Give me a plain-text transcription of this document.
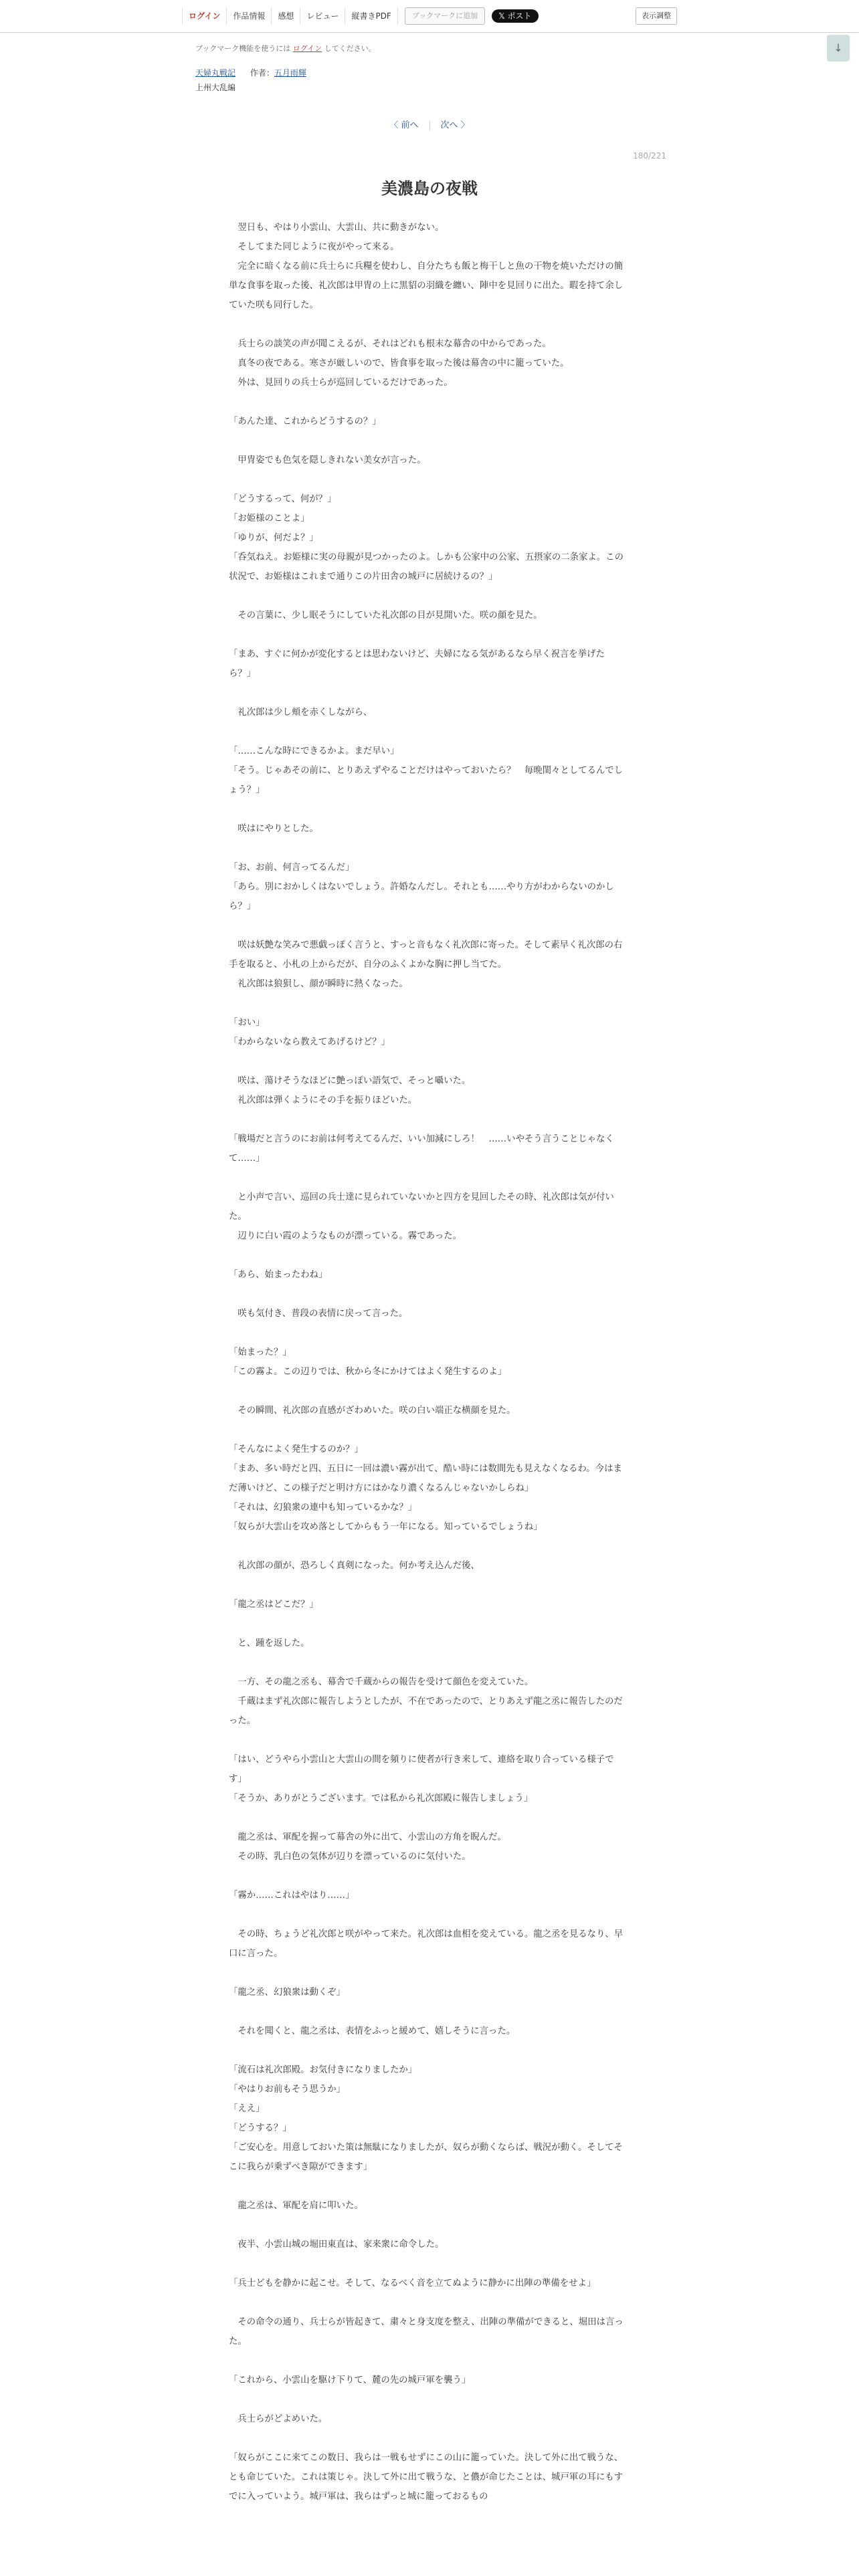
ログイン	作品情報	感想	レビュー	縦書きPDF	ブックマークに追加	𝕏 ポスト	表示調整
↓
ブックマーク機能を使うには ログイン してください。
天婦丸戦記 作者：五月雨輝
上州大乱編
〈 前へ	次へ 〉
180/221
美濃島の夜戦

　翌日も、やはり小雲山、大雲山、共に動きがない。

　そしてまた同じように夜がやって来る。

　完全に暗くなる前に兵士らに兵糧を使わし、自分たちも飯と梅干しと魚の干物を焼いただけの簡単な食事を取った後、礼次郎は甲冑の上に黒貂の羽織を纏い、陣中を見回りに出た。暇を持て余していた咲も同行した。

　兵士らの談笑の声が聞こえるが、それはどれも根末な幕舎の中からであった。

　真冬の夜である。寒さが厳しいので、皆食事を取った後は幕舎の中に籠っていた。

　外は、見回りの兵士らが巡回しているだけであった。

「あんた達、これからどうするの？」

　甲冑姿でも色気を隠しきれない美女が言った。

「どうするって、何が？」

「お姫様のことよ」

「ゆりが、何だよ？」

「呑気ねえ。お姫様に実の母親が見つかったのよ。しかも公家中の公家、五摂家の二条家よ。この状況で、お姫様はこれまで通りこの片田舎の城戸に居続けるの？」

　その言葉に、少し眠そうにしていた礼次郎の目が見開いた。咲の顔を見た。

「まあ、すぐに何かが変化するとは思わないけど、夫婦になる気があるなら早く祝言を挙げたら？」

　礼次郎は少し頬を赤くしながら、

「……こんな時にできるかよ。まだ早い」

「そう。じゃあその前に、とりあえずやることだけはやっておいたら？　毎晩閨々としてるんでしょう？」

　咲はにやりとした。

「お、お前、何言ってるんだ」

「あら。別におかしくはないでしょう。許婚なんだし。それとも……やり方がわからないのかしら？」

　咲は妖艶な笑みで悪戯っぽく言うと、すっと音もなく礼次郎に寄った。そして素早く礼次郎の右手を取ると、小札の上からだが、自分のふくよかな胸に押し当てた。

　礼次郎は狼狽し、顔が瞬時に熱くなった。

「おい」

「わからないなら教えてあげるけど？」

　咲は、蕩けそうなほどに艶っぽい語気で、そっと囁いた。

　礼次郎は弾くようにその手を振りほどいた。

「戦場だと言うのにお前は何考えてるんだ、いい加減にしろ！　……いやそう言うことじゃなくて……」

　と小声で言い、巡回の兵士達に見られていないかと四方を見回したその時、礼次郎は気が付いた。

　辺りに白い霞のようなものが漂っている。霧であった。

「あら、始まったわね」

　咲も気付き、普段の表情に戻って言った。

「始まった？」

「この霧よ。この辺りでは、秋から冬にかけてはよく発生するのよ」

　その瞬間、礼次郎の直感がざわめいた。咲の白い端正な横顔を見た。

「そんなによく発生するのか？」

「まあ、多い時だと四、五日に一回は濃い霧が出て、酷い時には数間先も見えなくなるわ。今はまだ薄いけど、この様子だと明け方にはかなり濃くなるんじゃないかしらね」

「それは、幻狼衆の連中も知っているかな？」

「奴らが大雲山を攻め落としてからもう一年になる。知っているでしょうね」

　礼次郎の顔が、恐ろしく真剣になった。何か考え込んだ後、

「龍之丞はどこだ？」

　と、踵を返した。

　一方、その龍之丞も、幕舎で千蔵からの報告を受けて顔色を変えていた。

　千蔵はまず礼次郎に報告しようとしたが、不在であったので、とりあえず龍之丞に報告したのだった。

「はい、どうやら小雲山と大雲山の間を頻りに使者が行き来して、連絡を取り合っている様子です」

「そうか、ありがとうございます。では私から礼次郎殿に報告しましょう」

　龍之丞は、軍配を握って幕舎の外に出て、小雲山の方角を睨んだ。

　その時、乳白色の気体が辺りを漂っているのに気付いた。

「霧か……これはやはり……」

　その時、ちょうど礼次郎と咲がやって来た。礼次郎は血相を変えている。龍之丞を見るなり、早口に言った。

「龍之丞、幻狼衆は動くぞ」

　それを聞くと、龍之丞は、表情をふっと緩めて、嬉しそうに言った。

「流石は礼次郎殿。お気付きになりましたか」

「やはりお前もそう思うか」

「ええ」

「どうする？」

「ご安心を。用意しておいた策は無駄になりましたが、奴らが動くならば、戦況が動く。そしてそこに我らが乗ずべき隙ができます」

　龍之丞は、軍配を肩に叩いた。

　夜半、小雲山城の堀田東直は、家来衆に命令した。

「兵士どもを静かに起こせ。そして、なるべく音を立てぬように静かに出陣の準備をせよ」

　その命令の通り、兵士らが皆起きて、粛々と身支度を整え、出陣の準備ができると、堀田は言った。

「これから、小雲山を駆け下りて、麓の先の城戸軍を襲う」

　兵士らがどよめいた。

「奴らがここに来てこの数日、我らは一戦もせずにこの山に籠っていた。決して外に出て戦うな、とも命じていた。これは策じゃ。決して外に出て戦うな、と儂が命じたことは、城戸軍の耳にもすでに入っていよう。城戸軍は、我らはずっと城に籠っておるもの
